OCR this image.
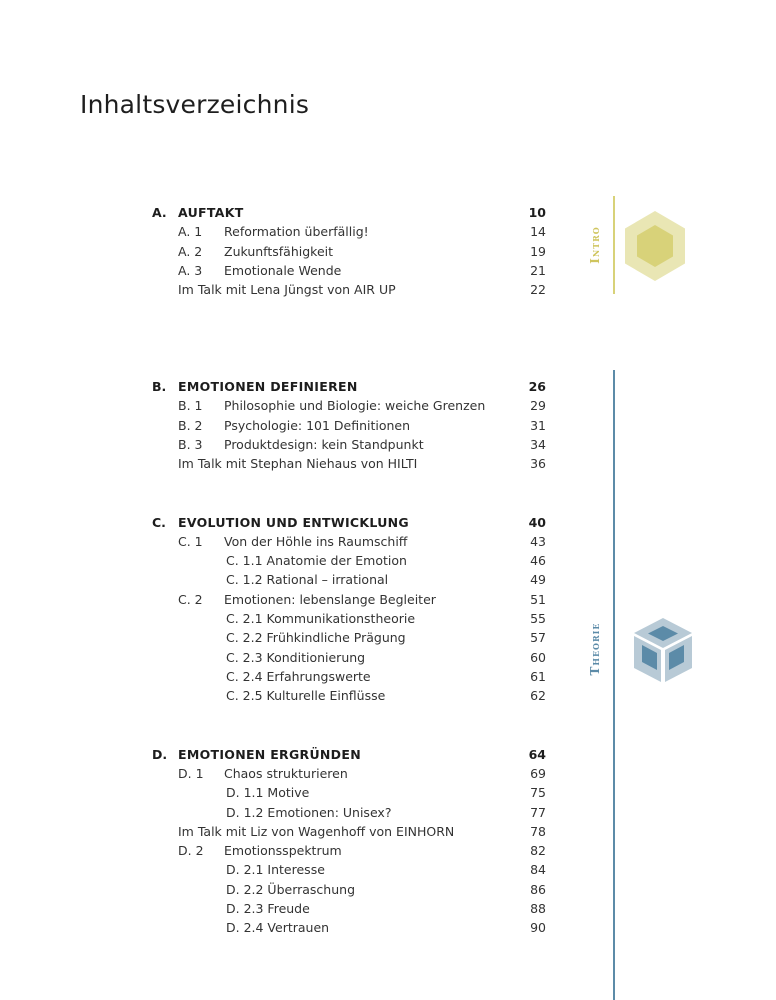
Inhaltsverzeichnis
A. AUFTAKT	10
A. 1 Reformation überfällig!	14
A. 2 Zukunftsfähigkeit	19
A. 3 Emotionale Wende	21
Im Talk mit Lena Jüngst von AIR UP	22
B. EMOTIONEN DEFINIEREN	26
B. 1 Philosophie und Biologie: weiche Grenzen	29
B. 2 Psychologie: 101 Definitionen	31
B. 3 Produktdesign: kein Standpunkt	34
Im Talk mit Stephan Niehaus von HILTI	36
C. EVOLUTION UND ENTWICKLUNG	40
C. 1 Von der Höhle ins Raumschiff	43
C. 1.1 Anatomie der Emotion	46
C. 1.2 Rational – irrational	49
C. 2 Emotionen: lebenslange Begleiter	51
C. 2.1 Kommunikationstheorie	55
C. 2.2 Frühkindliche Prägung	57
C. 2.3 Konditionierung	60
C. 2.4 Erfahrungswerte	61
C. 2.5 Kulturelle Einflüsse	62
D. EMOTIONEN ERGRÜNDEN	64
D. 1 Chaos strukturieren	69
D. 1.1 Motive	75
D. 1.2 Emotionen: Unisex?	77
Im Talk mit Liz von Wagenhoff von EINHORN	78
D. 2 Emotionsspektrum	82
D. 2.1 Interesse	84
D. 2.2 Überraschung	86
D. 2.3 Freude	88
D. 2.4 Vertrauen	90
Intro
Theorie
